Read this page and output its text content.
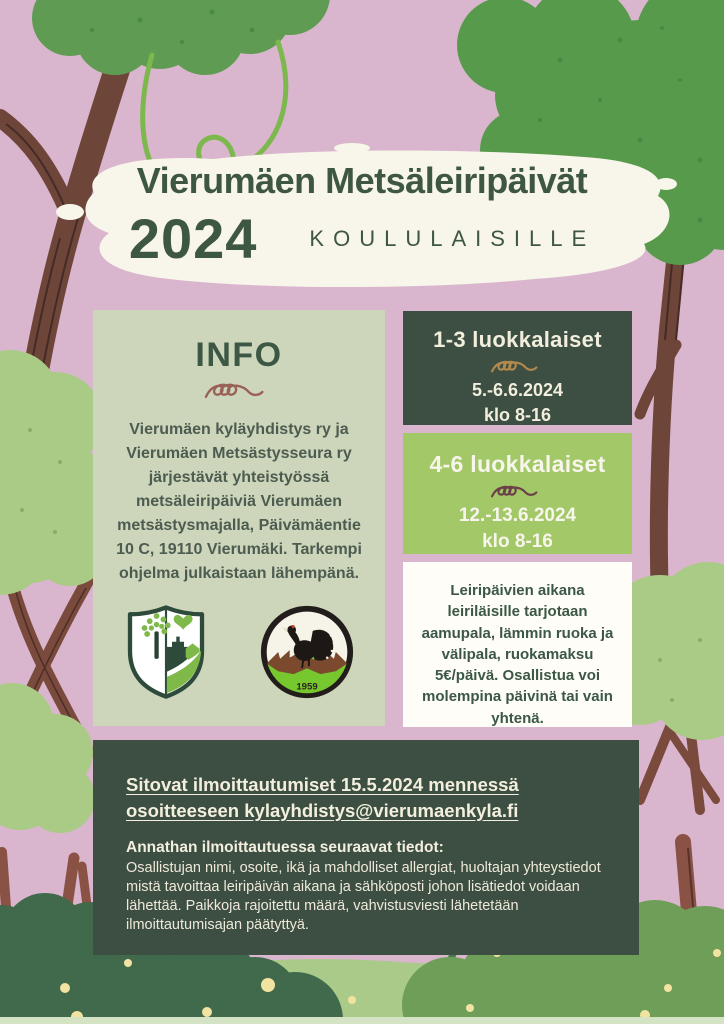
Vierumäen Metsäleiripäivät
2024 KOULULAISILLE
INFO
Vierumäen kyläyhdistys ry ja Vierumäen Metsästysseura ry järjestävät yhteistyössä metsäleiripäiviä Vierumäen metsästysmajalla, Päivämäentie 10 C, 19110 Vierumäki. Tarkempi ohjelma julkaistaan lähempänä.
1959
1-3 luokkalaiset
5.-6.6.2024
klo 8-16
4-6 luokkalaiset
12.-13.6.2024
klo 8-16
Leiripäivien aikana leiriläisille tarjotaan aamupala, lämmin ruoka ja välipala, ruokamaksu 5€/päivä. Osallistua voi molempina päivinä tai vain yhtenä.
Sitovat ilmoittautumiset 15.5.2024 mennessä osoitteeseen kylayhdistys@vierumaenkyla.fi
Annathan ilmoittautuessa seuraavat tiedot:
Osallistujan nimi, osoite, ikä ja mahdolliset allergiat, huoltajan yhteystiedot mistä tavoittaa leiripäivän aikana ja sähköposti johon lisätiedot voidaan lähettää. Paikkoja rajoitettu määrä, vahvistusviesti lähetetään ilmoittautumisajan päätyttyä.
